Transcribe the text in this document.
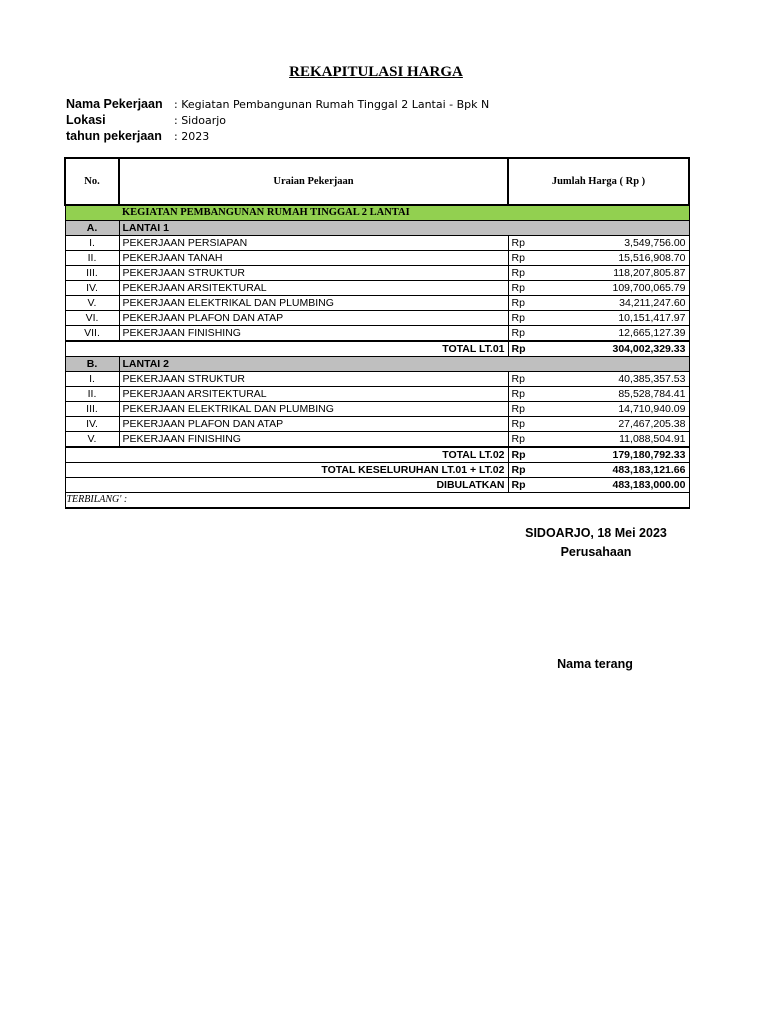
REKAPITULASI HARGA
Nama Pekerjaan	: Kegiatan Pembangunan Rumah Tinggal 2 Lantai - Bpk N
Lokasi	: Sidoarjo
tahun pekerjaan	: 2023
No.	Uraian Pekerjaan	Jumlah Harga ( Rp )
	KEGIATAN PEMBANGUNAN RUMAH TINGGAL 2 LANTAI	
A.	LANTAI 1	
I.	PEKERJAAN PERSIAPAN	Rp 3,549,756.00

II.	PEKERJAAN TANAH	Rp 15,516,908.70

III.	PEKERJAAN STRUKTUR	Rp 118,207,805.87

IV.	PEKERJAAN ARSITEKTURAL	Rp 109,700,065.79

V.	PEKERJAAN ELEKTRIKAL DAN PLUMBING	Rp 34,211,247.60

VI.	PEKERJAAN PLAFON DAN ATAP	Rp 10,151,417.97

VII.	PEKERJAAN FINISHING	Rp 12,665,127.39

TOTAL LT.01		Rp 304,002,329.33

B.	LANTAI 2	
I.	PEKERJAAN STRUKTUR	Rp 40,385,357.53

II.	PEKERJAAN ARSITEKTURAL	Rp 85,528,784.41

III.	PEKERJAAN ELEKTRIKAL DAN PLUMBING	Rp 14,710,940.09

IV.	PEKERJAAN PLAFON DAN ATAP	Rp 27,467,205.38

V.	PEKERJAAN FINISHING	Rp 11,088,504.91

TOTAL LT.02		Rp 179,180,792.33

TOTAL KESELURUHAN LT.01 + LT.02		Rp 483,183,121.66

DIBULATKAN		Rp 483,183,000.00

TERBILANG' :		
SIDOARJO, 18 Mei 2023
Perusahaan
Nama terang
